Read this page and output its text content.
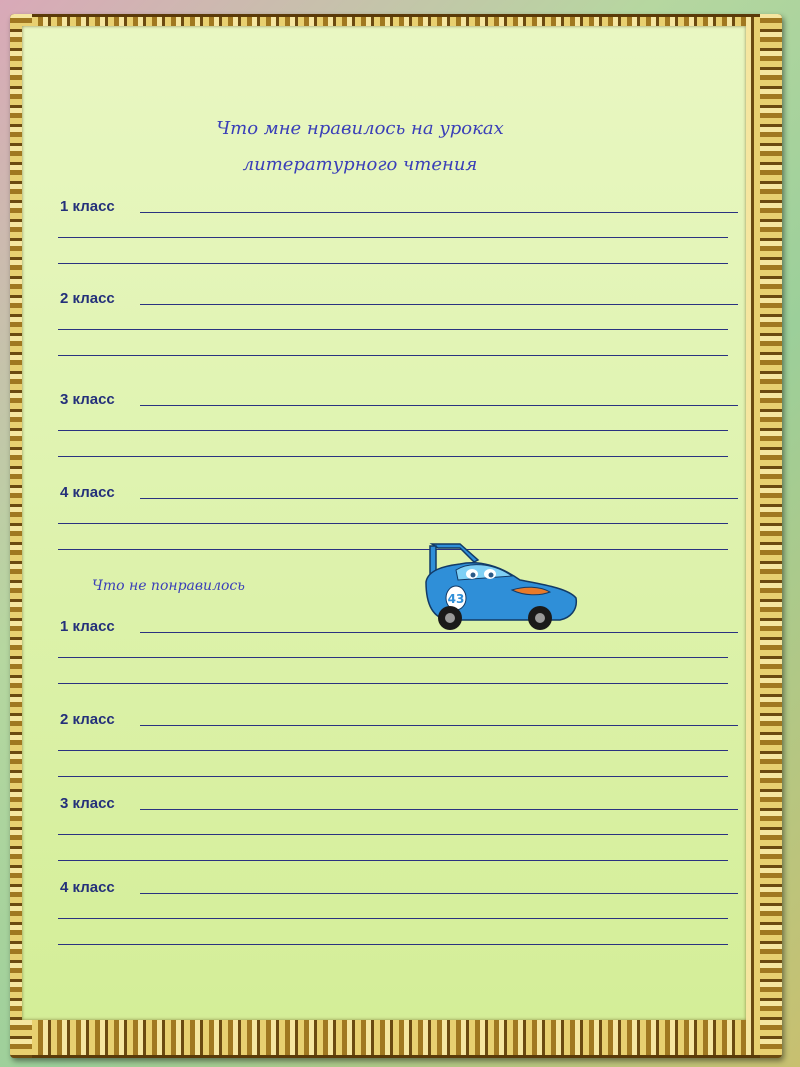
Что мне нравилось на уроках
литературного чтения
1 класс
2 класс
3 класс
4 класс
Что не понравилось
43
1 класс
2 класс
3 класс
4 класс
